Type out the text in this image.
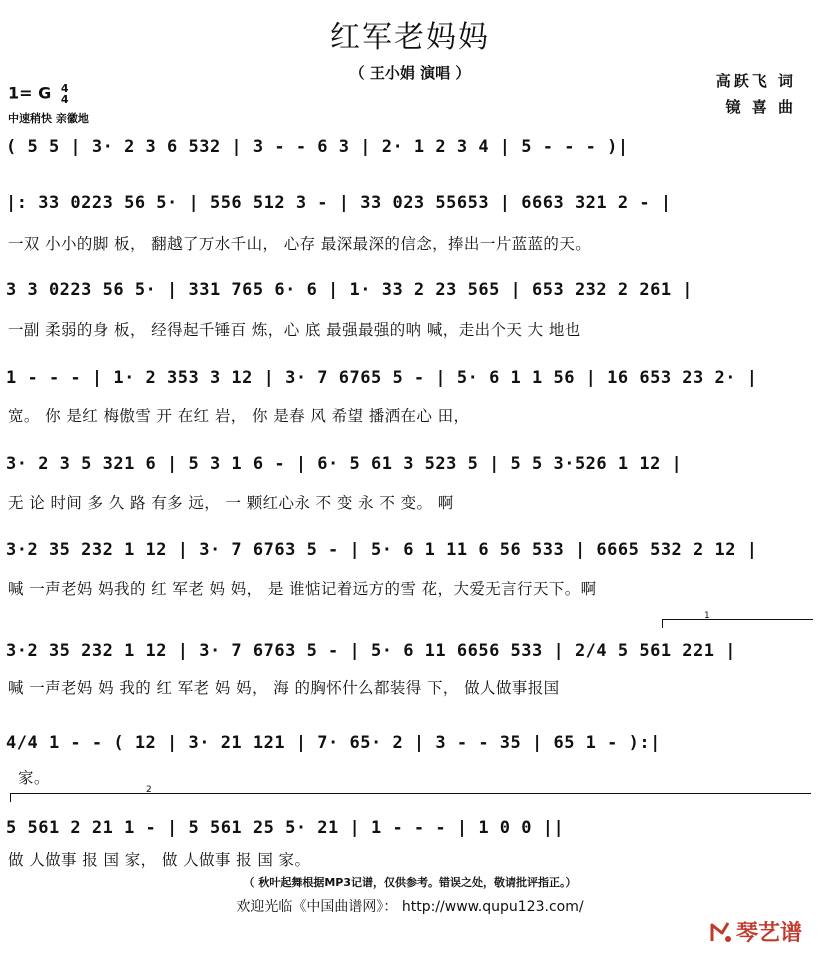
红军老妈妈
（ 王小娟 演唱 ）	高跃飞 词
镜 喜 曲
1= G 4
4
中速稍快 亲徽地
( 5 5 | 3· 2 3 6 532 | 3 - - 6 3 | 2· 1 2 3 4 | 5 - - - )|
|: 33 0223 56 5· | 556 512 3 - | 33 023 55653 | 6663 321 2 - |
一双 小小的脚 板， 翻越了万水千山， 心存 最深最深的信念，捧出一片蓝蓝的天。
3 3 0223 56 5· | 331 765 6· 6 | 1· 33 2 23 565 | 653 232 2 261 |
一副 柔弱的身 板， 经得起千锤百 炼，心 底 最强最强的呐 喊，走出个天 大 地也
1 - - - | 1· 2 353 3 12 | 3· 7 6765 5 - | 5· 6 1 1 56 | 16 653 23 2· |
宽。 你 是红 梅傲雪 开 在红 岩， 你 是春 风 希望 播洒在心 田，
3· 2 3 5 321 6 | 5 3 1 6 - | 6· 5 61 3 523 5 | 5 5 3·526 1 12 |
无 论 时间 多 久 路 有多 远， 一 颗红心永 不 变 永 不 变。 啊
3·2 35 232 1 12 | 3· 7 6763 5 - | 5· 6 1 11 6 56 533 | 6665 532 2 12 |
喊 一声老妈 妈我的 红 军老 妈 妈， 是 谁惦记着远方的雪 花，大爱无言行天下。啊
1
3·2 35 232 1 12 | 3· 7 6763 5 - | 5· 6 11 6656 533 | 2/4 5 561 221 |
喊 一声老妈 妈 我的 红 军老 妈 妈， 海 的胸怀什么都装得 下， 做人做事报国
4/4 1 - - ( 12 | 3· 21 121 | 7· 65· 2 | 3 - - 35 | 65 1 - ):|
家。
2
5 561 2 21 1 - | 5 561 25 5· 21 | 1 - - - | 1 0 0 ||
做 人做事 报 国 家， 做 人做事 报 国 家。
（ 秋叶起舞根据MP3记谱，仅供参考。错误之处，敬请批评指正。）
欢迎光临《中国曲谱网》： http://www.qupu123.com/
琴艺谱
